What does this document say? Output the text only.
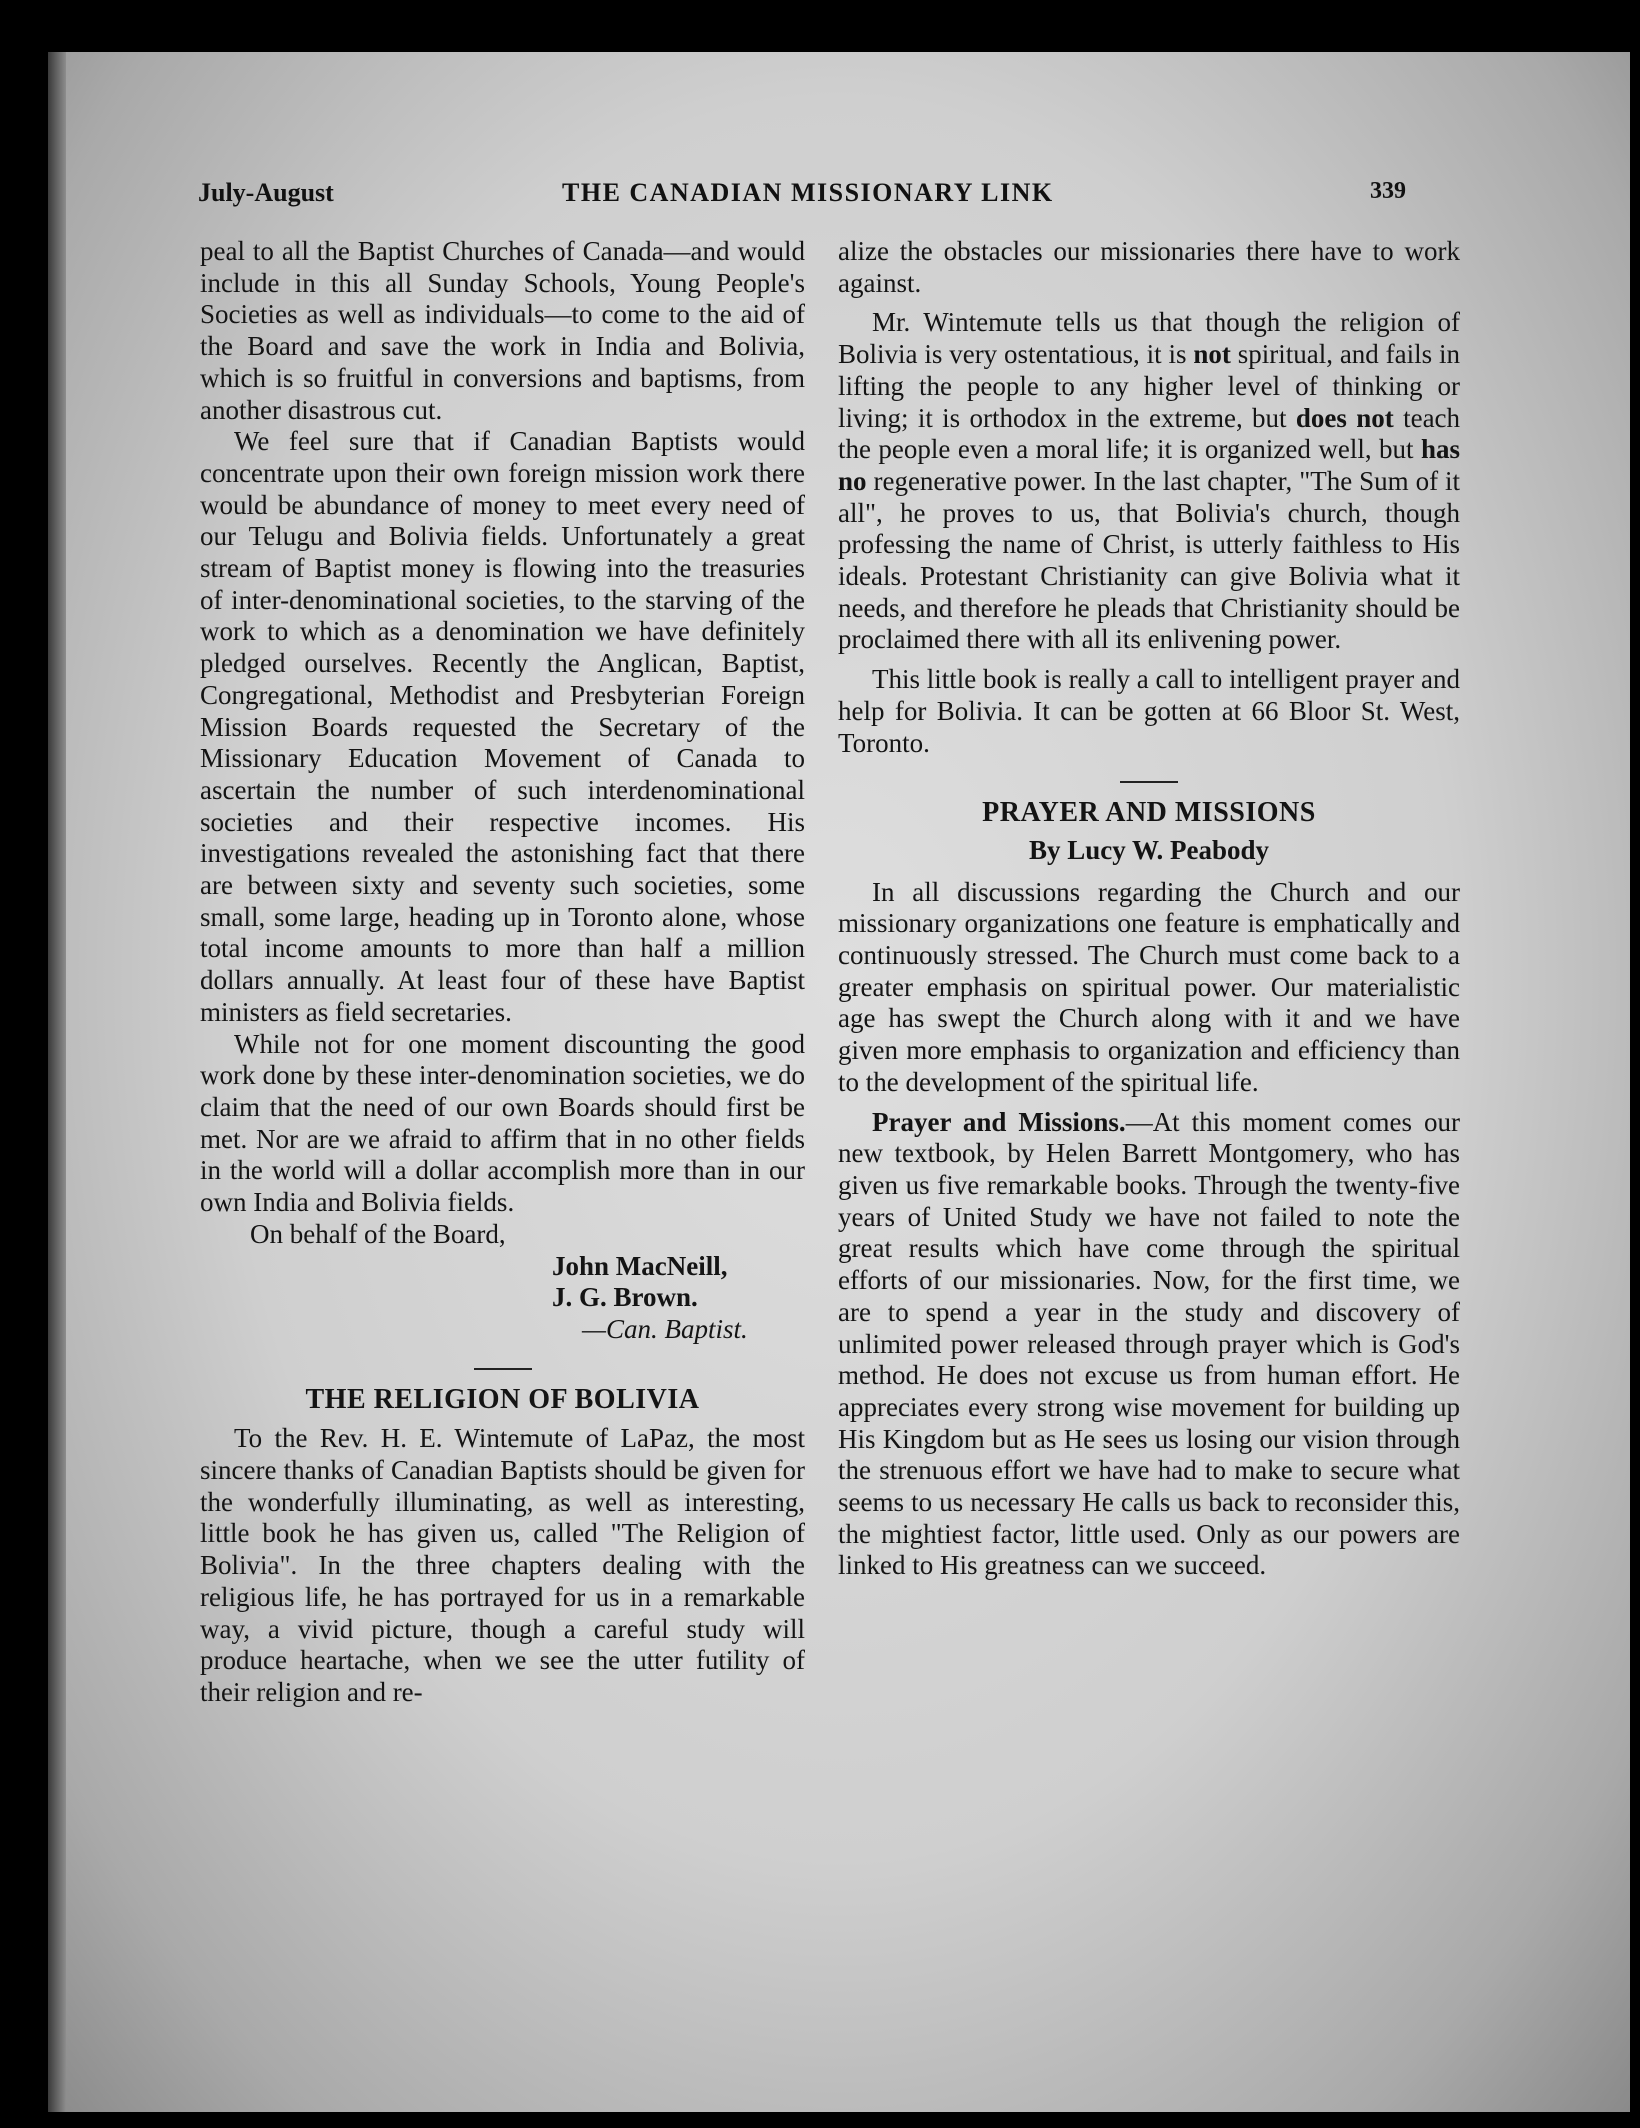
July-August	THE CANADIAN MISSIONARY LINK	339

peal to all the Baptist Churches of Canada—and would include in this all Sunday Schools, Young People's Societies as well as individuals—to come to the aid of the Board and save the work in India and Bolivia, which is so fruitful in conversions and baptisms, from another disastrous cut.

We feel sure that if Canadian Baptists would concentrate upon their own foreign mission work there would be abundance of money to meet every need of our Telugu and Bolivia fields. Unfortunately a great stream of Baptist money is flowing into the treasuries of inter-denominational societies, to the starving of the work to which as a denomination we have definitely pledged ourselves. Recently the Anglican, Baptist, Congregational, Methodist and Presbyterian Foreign Mission Boards requested the Secretary of the Missionary Education Movement of Canada to ascertain the number of such interdenominational societies and their respective incomes. His investigations revealed the astonishing fact that there are between sixty and seventy such societies, some small, some large, heading up in Toronto alone, whose total income amounts to more than half a million dollars annually. At least four of these have Baptist ministers as field secretaries.

While not for one moment discounting the good work done by these inter-denomination societies, we do claim that the need of our own Boards should first be met. Nor are we afraid to affirm that in no other fields in the world will a dollar accomplish more than in our own India and Bolivia fields.

On behalf of the Board,

John MacNeill,

J. G. Brown.

—Can. Baptist.

THE RELIGION OF BOLIVIA

To the Rev. H. E. Wintemute of LaPaz, the most sincere thanks of Canadian Baptists should be given for the wonderfully illuminating, as well as interesting, little book he has given us, called "The Religion of Bolivia". In the three chapters dealing with the religious life, he has portrayed for us in a remarkable way, a vivid picture, though a careful study will produce heartache, when we see the utter futility of their religion and re-

alize the obstacles our missionaries there have to work against.

Mr. Wintemute tells us that though the religion of Bolivia is very ostentatious, it is not spiritual, and fails in lifting the people to any higher level of thinking or living; it is orthodox in the extreme, but does not teach the people even a moral life; it is organized well, but has no regenerative power. In the last chapter, "The Sum of it all", he proves to us, that Bolivia's church, though professing the name of Christ, is utterly faithless to His ideals. Protestant Christianity can give Bolivia what it needs, and therefore he pleads that Christianity should be proclaimed there with all its enlivening power.

This little book is really a call to intelligent prayer and help for Bolivia. It can be gotten at 66 Bloor St. West, Toronto.

PRAYER AND MISSIONS

By Lucy W. Peabody

In all discussions regarding the Church and our missionary organizations one feature is emphatically and continuously stressed. The Church must come back to a greater emphasis on spiritual power. Our materialistic age has swept the Church along with it and we have given more emphasis to organization and efficiency than to the development of the spiritual life.

Prayer and Missions.—At this moment comes our new textbook, by Helen Barrett Montgomery, who has given us five remarkable books. Through the twenty-five years of United Study we have not failed to note the great results which have come through the spiritual efforts of our missionaries. Now, for the first time, we are to spend a year in the study and discovery of unlimited power released through prayer which is God's method. He does not excuse us from human effort. He appreciates every strong wise movement for building up His Kingdom but as He sees us losing our vision through the strenuous effort we have had to make to secure what seems to us necessary He calls us back to reconsider this, the mightiest factor, little used. Only as our powers are linked to His greatness can we succeed.
